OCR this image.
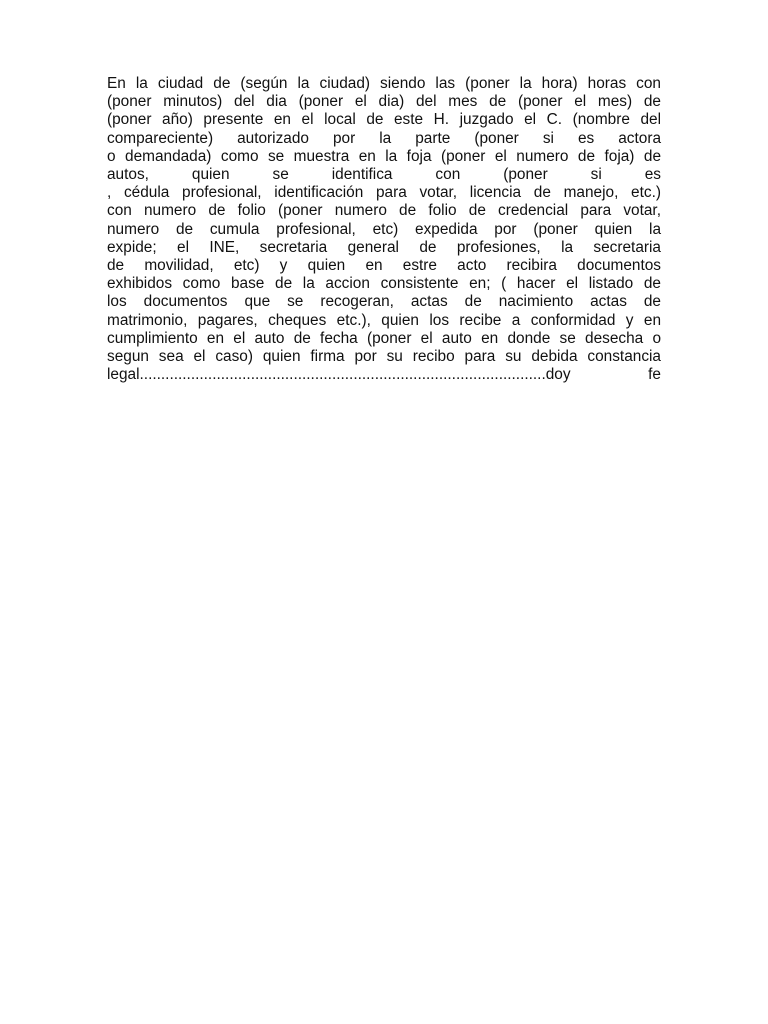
En la ciudad de (según la ciudad) siendo las (poner la hora) horas con
(poner minutos) del dia (poner el dia) del mes de (poner el mes) de
(poner año) presente en el local de este H. juzgado el C. (nombre del
compareciente) autorizado por la parte (poner si es actora
o demandada) como se muestra en la foja (poner el numero de foja) de
autos, quien se identifica con (poner si es
, cédula profesional, identificación para votar, licencia de manejo, etc.)
con numero de folio (poner numero de folio de credencial para votar,
numero de cumula profesional, etc) expedida por (poner quien la
expide; el INE, secretaria general de profesiones, la secretaria
de movilidad, etc) y quien en estre acto recibira documentos
exhibidos como base de la accion consistente en; ( hacer el listado de
los documentos que se recogeran, actas de nacimiento actas de
matrimonio, pagares, cheques etc.), quien los recibe a conformidad y en
cumplimiento en el auto de fecha (poner el auto en donde se desecha o
segun sea el caso) quien firma por su recibo para su debida constancia
legal...............................................................................................doy fe
